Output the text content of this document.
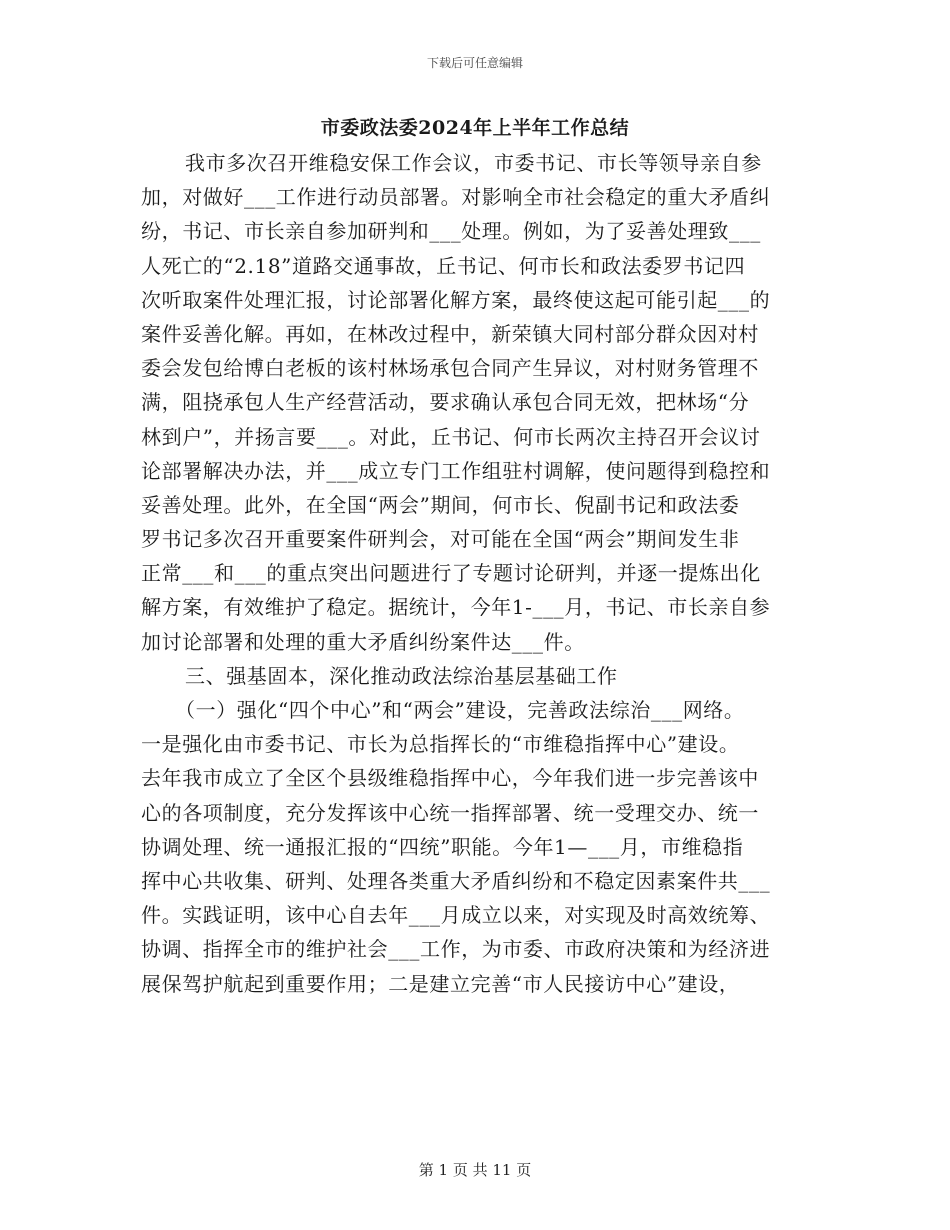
下载后可任意编辑
市委政法委2024年上半年工作总结
我市多次召开维稳安保工作会议，市委书记、市长等领导亲自参
加，对做好___工作进行动员部署。对影响全市社会稳定的重大矛盾纠
纷，书记、市长亲自参加研判和___处理。例如，为了妥善处理致___
人死亡的“2.18”道路交通事故，丘书记、何市长和政法委罗书记四
次听取案件处理汇报，讨论部署化解方案，最终使这起可能引起___的
案件妥善化解。再如，在林改过程中，新荣镇大同村部分群众因对村
委会发包给博白老板的该村林场承包合同产生异议，对村财务管理不
满，阻挠承包人生产经营活动，要求确认承包合同无效，把林场“分
林到户”，并扬言要___。对此，丘书记、何市长两次主持召开会议讨
论部署解决办法，并___成立专门工作组驻村调解，使问题得到稳控和
妥善处理。此外，在全国“两会”期间，何市长、倪副书记和政法委
罗书记多次召开重要案件研判会，对可能在全国“两会”期间发生非
正常___和___的重点突出问题进行了专题讨论研判，并逐一提炼出化
解方案，有效维护了稳定。据统计，今年1-___月，书记、市长亲自参
加讨论部署和处理的重大矛盾纠纷案件达___件。
三、强基固本，深化推动政法综治基层基础工作
（一）强化“四个中心”和“两会”建设，完善政法综治___网络。
一是强化由市委书记、市长为总指挥长的“市维稳指挥中心”建设。
去年我市成立了全区个县级维稳指挥中心，今年我们进一步完善该中
心的各项制度，充分发挥该中心统一指挥部署、统一受理交办、统一
协调处理、统一通报汇报的“四统”职能。今年1—___月，市维稳指
挥中心共收集、研判、处理各类重大矛盾纠纷和不稳定因素案件共___
件。实践证明，该中心自去年___月成立以来，对实现及时高效统筹、
协调、指挥全市的维护社会___工作，为市委、市政府决策和为经济进
展保驾护航起到重要作用；二是建立完善“市人民接访中心”建设，
第 1 页 共 11 页
